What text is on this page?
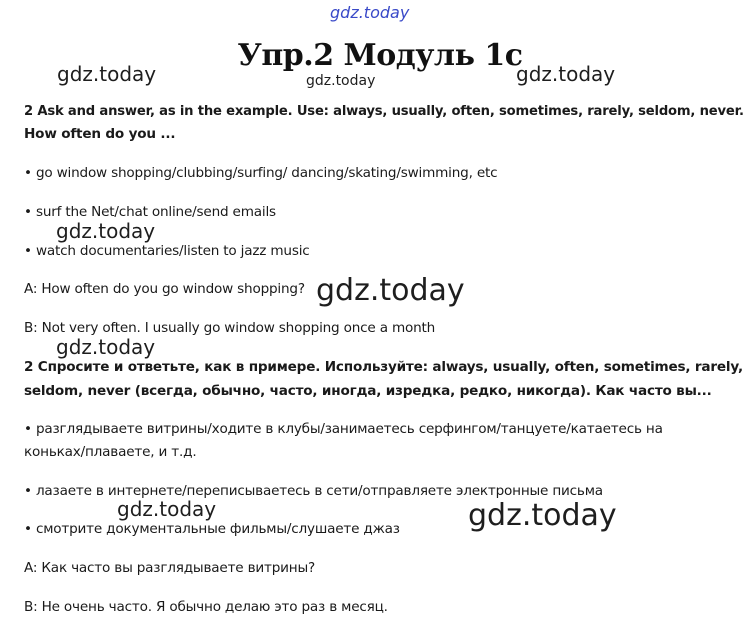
gdz.today
gdz.today	gdz.today
gdz.today
gdz.today
gdz.today
gdz.today
gdz.today	gdz.today
Упр.2 Модуль 1c
2 Ask and answer, as in the example. Use: always, usually, often, sometimes, rarely, seldom, never.
How often do you ...
• go window shopping/clubbing/surfing/ dancing/skating/swimming, etc
• surf the Net/chat online/send emails
• watch documentaries/listen to jazz music
A: How often do you go window shopping?
B: Not very often. I usually go window shopping once a month
2 Спросите и ответьте, как в примере. Используйте: always, usually, often, sometimes, rarely,
seldom, never (всегда, обычно, часто, иногда, изредка, редко, никогда). Как часто вы...
• разглядываете витрины/ходите в клубы/занимаетесь серфингом/танцуете/катаетесь на
коньках/плаваете, и т.д.
• лазаете в интернете/переписываетесь в сети/отправляете электронные письма
• смотрите документальные фильмы/слушаете джаз
A: Как часто вы разглядываете витрины?
B: Не очень часто. Я обычно делаю это раз в месяц.
